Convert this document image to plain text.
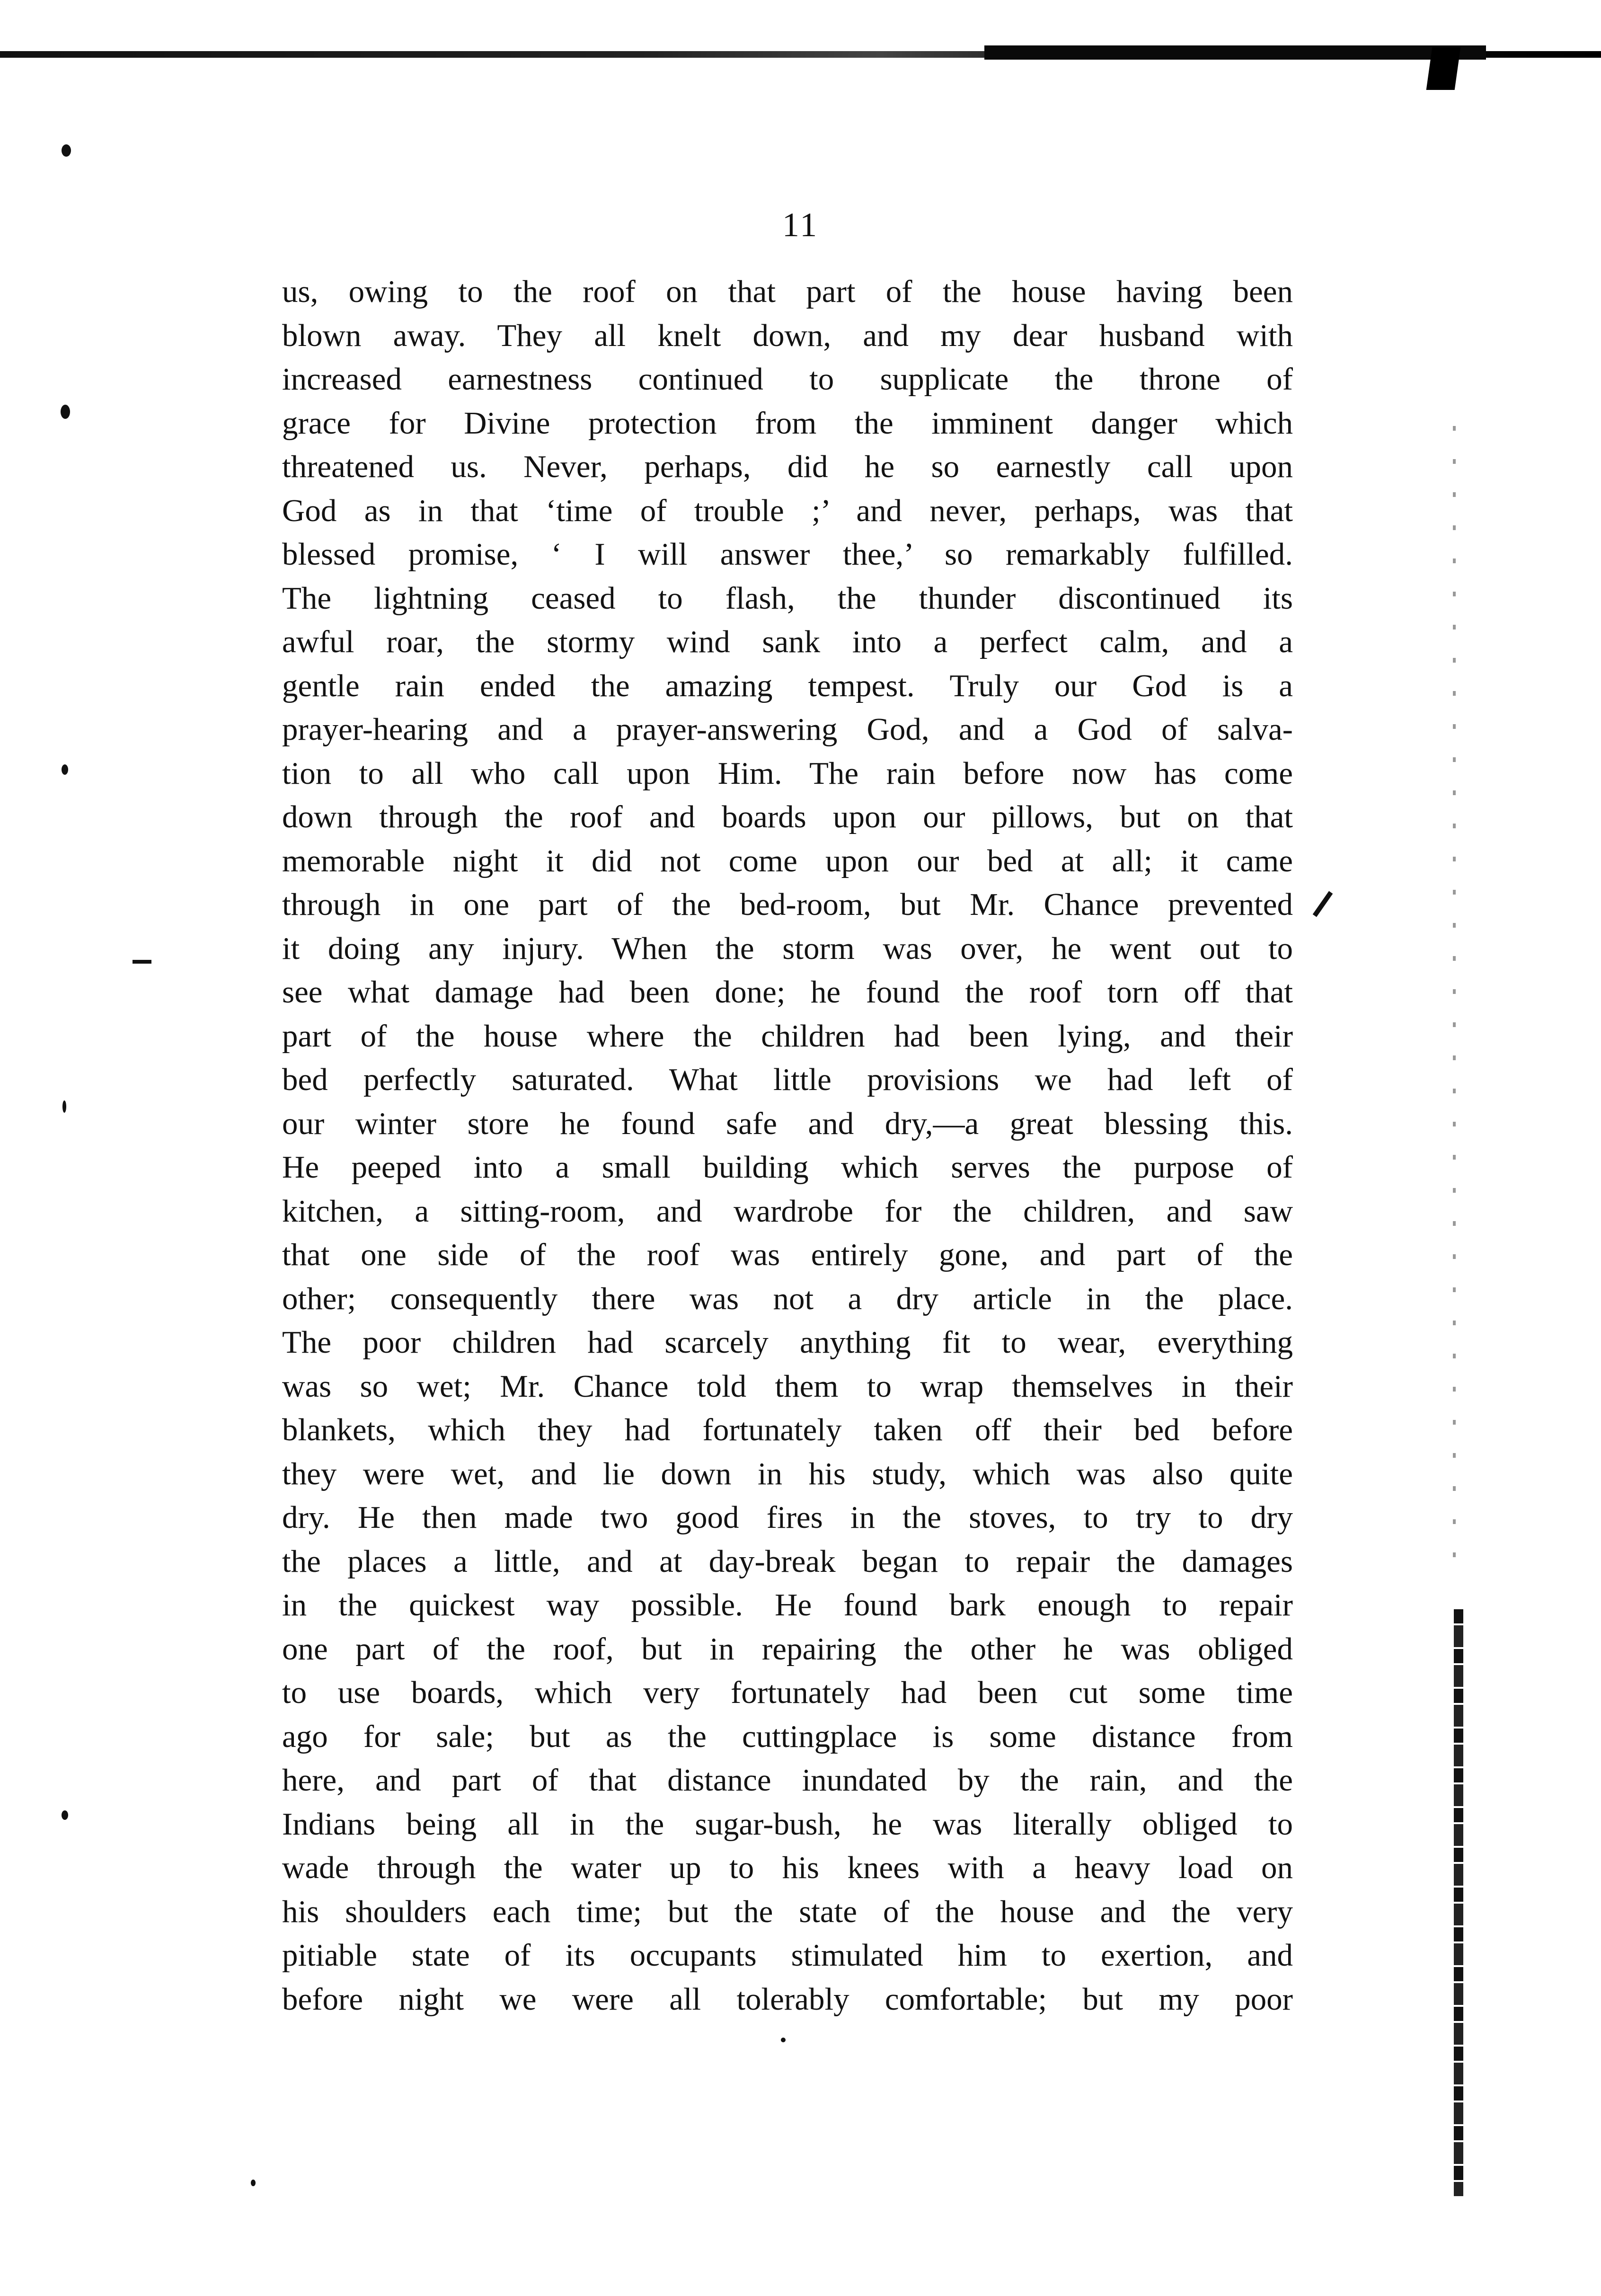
11
us, owing to the roof on that part of the house having been
blown away. They all knelt down, and my dear husband with
increased earnestness continued to supplicate the throne of
grace for Divine protection from the imminent danger which
threatened us. Never, perhaps, did he so earnestly call upon
God as in that ‘time of trouble ;’ and never, perhaps, was that
blessed promise, ‘ I will answer thee,’ so remarkably fulfilled.
The lightning ceased to flash, the thunder discontinued its
awful roar, the stormy wind sank into a perfect calm, and a
gentle rain ended the amazing tempest. Truly our God is a
prayer-hearing and a prayer-answering God, and a God of salva-
tion to all who call upon Him. The rain before now has come
down through the roof and boards upon our pillows, but on that
memorable night it did not come upon our bed at all; it came
through in one part of the bed-room, but Mr. Chance prevented
it doing any injury. When the storm was over, he went out to
see what damage had been done; he found the roof torn off that
part of the house where the children had been lying, and their
bed perfectly saturated. What little provisions we had left of
our winter store he found safe and dry,—a great blessing this.
He peeped into a small building which serves the purpose of
kitchen, a sitting-room, and wardrobe for the children, and saw
that one side of the roof was entirely gone, and part of the
other; consequently there was not a dry article in the place.
The poor children had scarcely anything fit to wear, everything
was so wet; Mr. Chance told them to wrap themselves in their
blankets, which they had fortunately taken off their bed before
they were wet, and lie down in his study, which was also quite
dry. He then made two good fires in the stoves, to try to dry
the places a little, and at day-break began to repair the damages
in the quickest way possible. He found bark enough to repair
one part of the roof, but in repairing the other he was obliged
to use boards, which very fortunately had been cut some time
ago for sale; but as the cuttingplace is some distance from
here, and part of that distance inundated by the rain, and the
Indians being all in the sugar-bush, he was literally obliged to
wade through the water up to his knees with a heavy load on
his shoulders each time; but the state of the house and the very
pitiable state of its occupants stimulated him to exertion, and
before night we were all tolerably comfortable; but my poor
